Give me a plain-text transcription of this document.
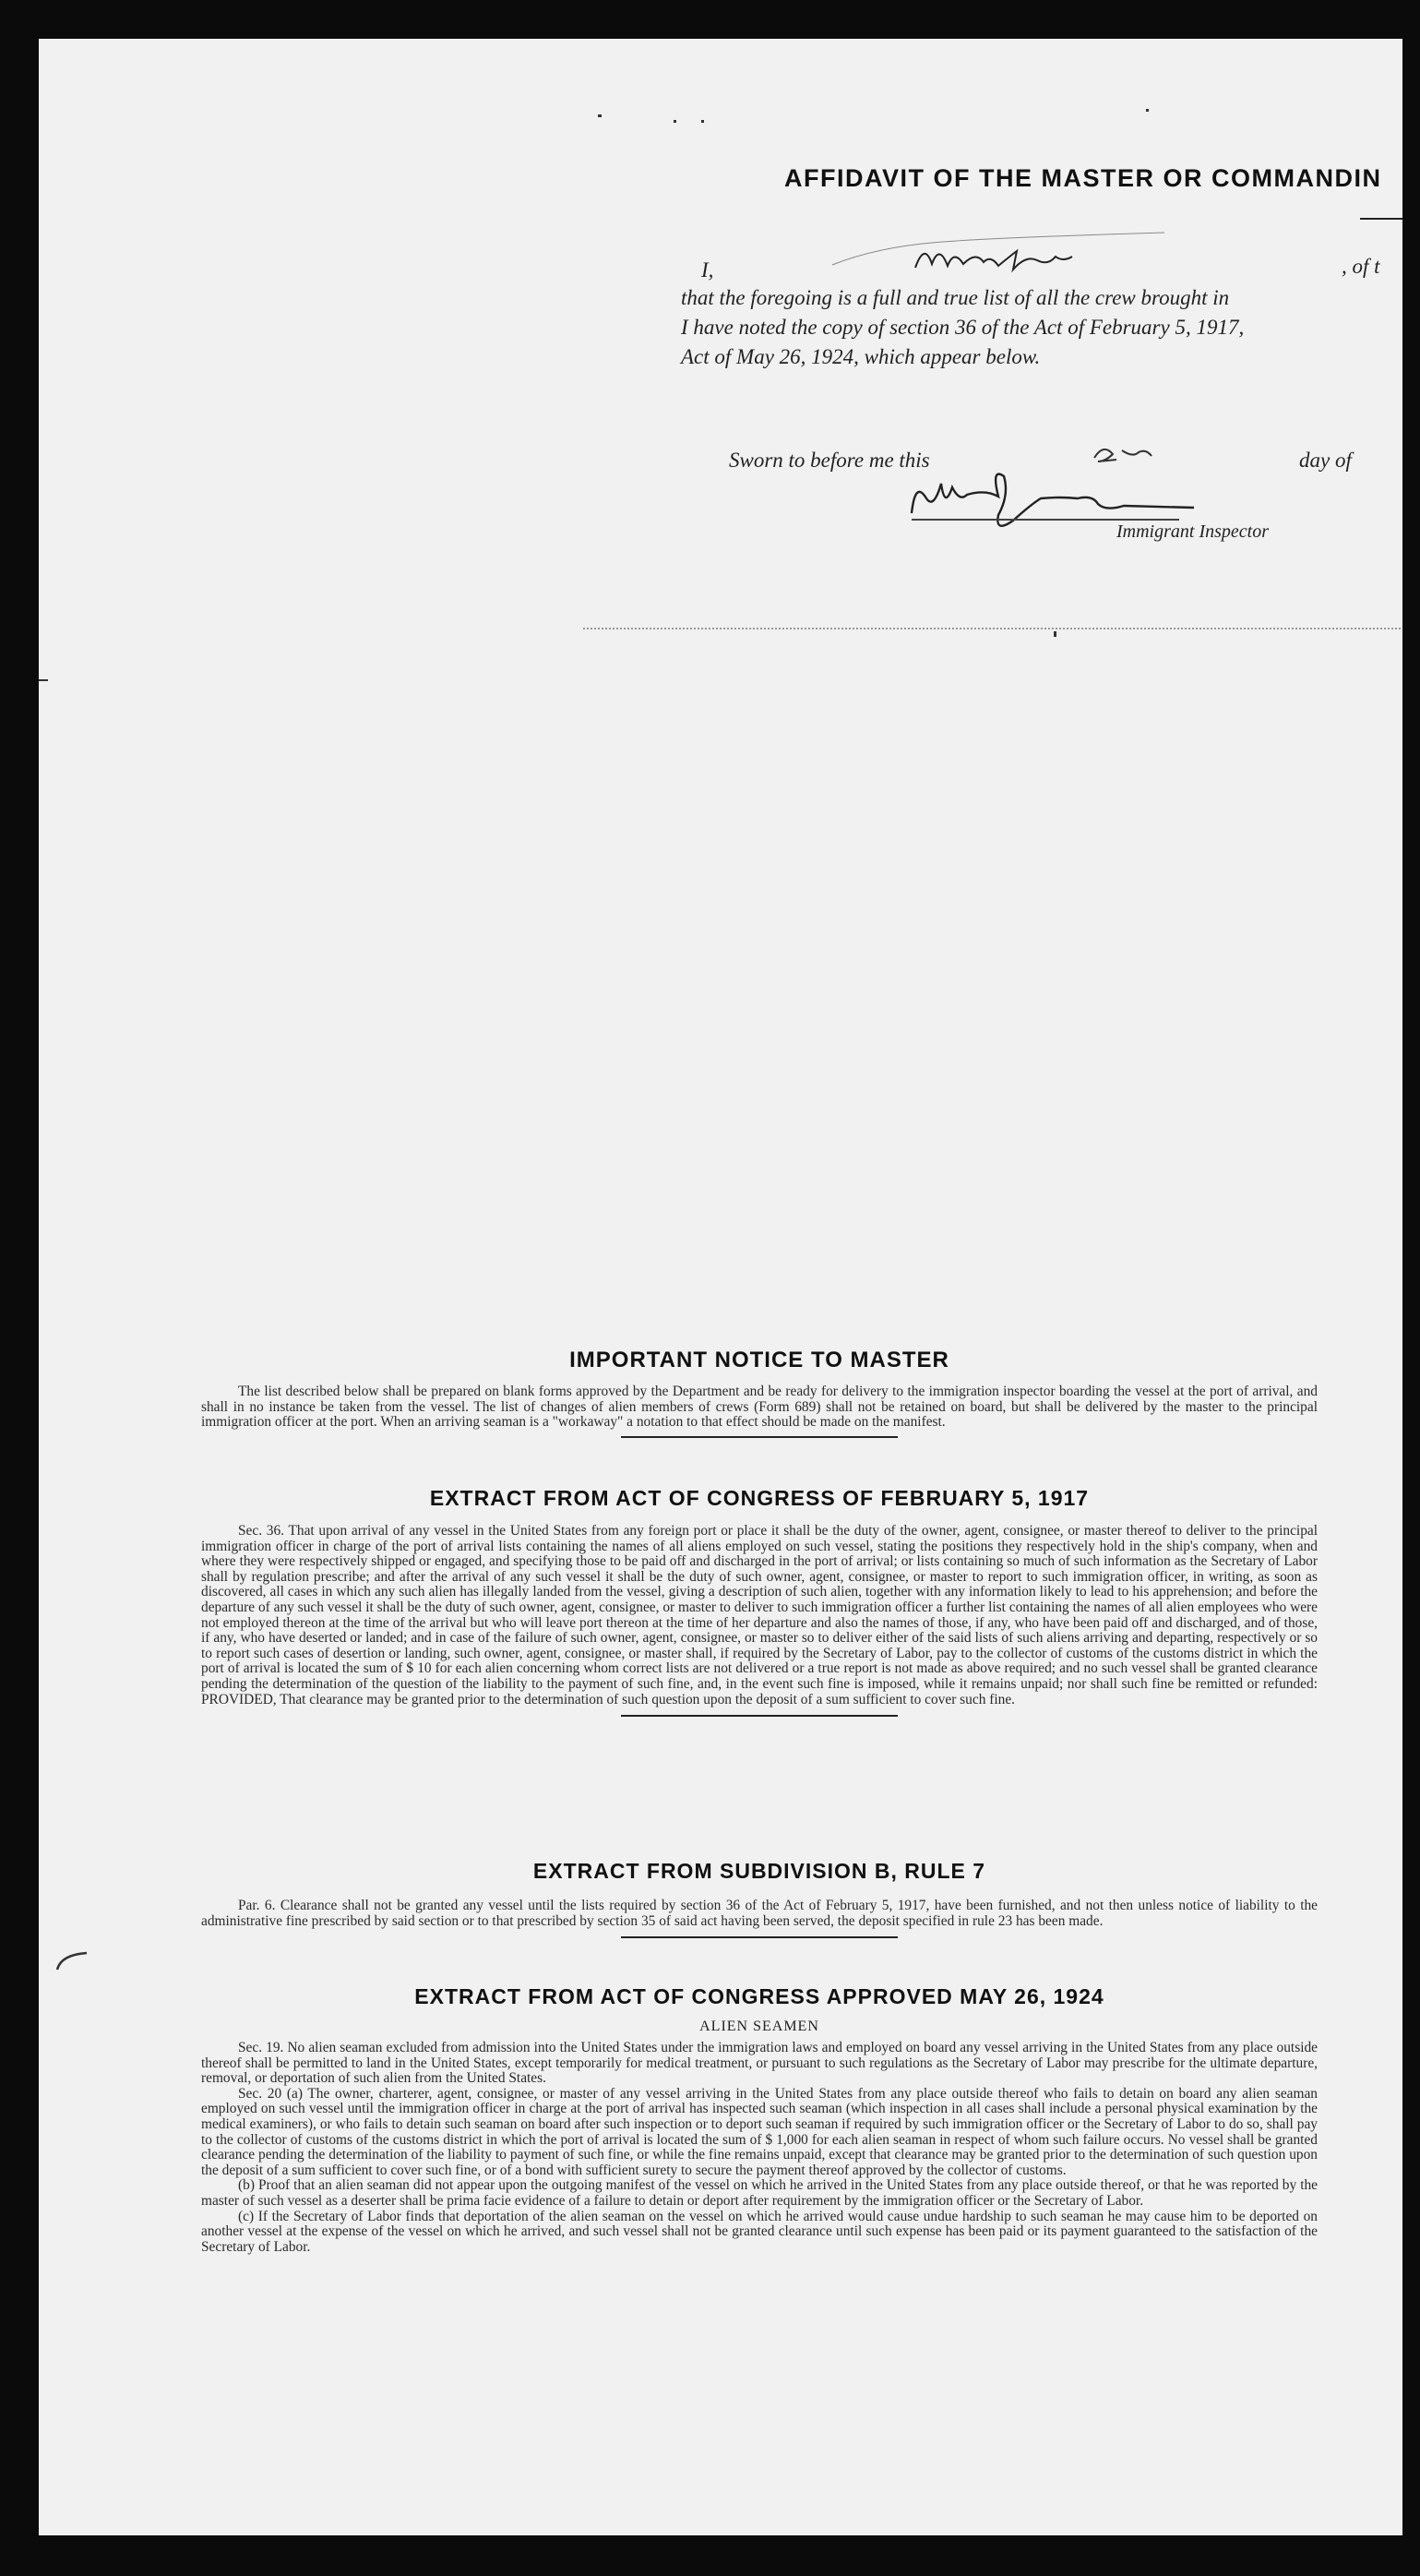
AFFIDAVIT OF THE MASTER OR COMMANDIN
I,	, of t
that the foregoing is a full and true list of all the crew brought in
I have noted the copy of section 36 of the Act of February 5, 1917,
Act of May 26, 1924, which appear below.
Sworn to before me this	day of
Immigrant Inspector
IMPORTANT NOTICE TO MASTER

The list described below shall be prepared on blank forms approved by the Department and be ready for delivery to the immigration inspector boarding the vessel at the port of arrival, and shall in no instance be taken from the vessel. The list of changes of alien members of crews (Form 689) shall not be retained on board, but shall be delivered by the master to the principal immigration officer at the port. When an arriving seaman is a "workaway" a notation to that effect should be made on the manifest.

EXTRACT FROM ACT OF CONGRESS OF FEBRUARY 5, 1917

Sec. 36. That upon arrival of any vessel in the United States from any foreign port or place it shall be the duty of the owner, agent, consignee, or master thereof to deliver to the principal immigration officer in charge of the port of arrival lists containing the names of all aliens employed on such vessel, stating the positions they respectively hold in the ship's company, when and where they were respectively shipped or engaged, and specifying those to be paid off and discharged in the port of arrival; or lists containing so much of such information as the Secretary of Labor shall by regulation prescribe; and after the arrival of any such vessel it shall be the duty of such owner, agent, consignee, or master to report to such immigration officer, in writing, as soon as discovered, all cases in which any such alien has illegally landed from the vessel, giving a description of such alien, together with any information likely to lead to his apprehension; and before the departure of any such vessel it shall be the duty of such owner, agent, consignee, or master to deliver to such immigration officer a further list containing the names of all alien employees who were not employed thereon at the time of the arrival but who will leave port thereon at the time of her departure and also the names of those, if any, who have been paid off and discharged, and of those, if any, who have deserted or landed; and in case of the failure of such owner, agent, consignee, or master so to deliver either of the said lists of such aliens arriving and departing, respectively or so to report such cases of desertion or landing, such owner, agent, consignee, or master shall, if required by the Secretary of Labor, pay to the collector of customs of the customs district in which the port of arrival is located the sum of $ 10 for each alien concerning whom correct lists are not delivered or a true report is not made as above required; and no such vessel shall be granted clearance pending the determination of the question of the liability to the payment of such fine, and, in the event such fine is imposed, while it remains unpaid; nor shall such fine be remitted or refunded: PROVIDED, That clearance may be granted prior to the determination of such question upon the deposit of a sum sufficient to cover such fine.

EXTRACT FROM SUBDIVISION B, RULE 7

Par. 6. Clearance shall not be granted any vessel until the lists required by section 36 of the Act of February 5, 1917, have been furnished, and not then unless notice of liability to the administrative fine prescribed by said section or to that prescribed by section 35 of said act having been served, the deposit specified in rule 23 has been made.

EXTRACT FROM ACT OF CONGRESS APPROVED MAY 26, 1924
ALIEN SEAMEN

Sec. 19. No alien seaman excluded from admission into the United States under the immigration laws and employed on board any vessel arriving in the United States from any place outside thereof shall be permitted to land in the United States, except temporarily for medical treatment, or pursuant to such regulations as the Secretary of Labor may prescribe for the ultimate departure, removal, or deportation of such alien from the United States.

Sec. 20 (a) The owner, charterer, agent, consignee, or master of any vessel arriving in the United States from any place outside thereof who fails to detain on board any alien seaman employed on such vessel until the immigration officer in charge at the port of arrival has inspected such seaman (which inspection in all cases shall include a personal physical examination by the medical examiners), or who fails to detain such seaman on board after such inspection or to deport such seaman if required by such immigration officer or the Secretary of Labor to do so, shall pay to the collector of customs of the customs district in which the port of arrival is located the sum of $ 1,000 for each alien seaman in respect of whom such failure occurs. No vessel shall be granted clearance pending the determination of the liability to payment of such fine, or while the fine remains unpaid, except that clearance may be granted prior to the determination of such question upon the deposit of a sum sufficient to cover such fine, or of a bond with sufficient surety to secure the payment thereof approved by the collector of customs.

(b) Proof that an alien seaman did not appear upon the outgoing manifest of the vessel on which he arrived in the United States from any place outside thereof, or that he was reported by the master of such vessel as a deserter shall be prima facie evidence of a failure to detain or deport after requirement by the immigration officer or the Secretary of Labor.

(c) If the Secretary of Labor finds that deportation of the alien seaman on the vessel on which he arrived would cause undue hardship to such seaman he may cause him to be deported on another vessel at the expense of the vessel on which he arrived, and such vessel shall not be granted clearance until such expense has been paid or its payment guaranteed to the satisfaction of the Secretary of Labor.
